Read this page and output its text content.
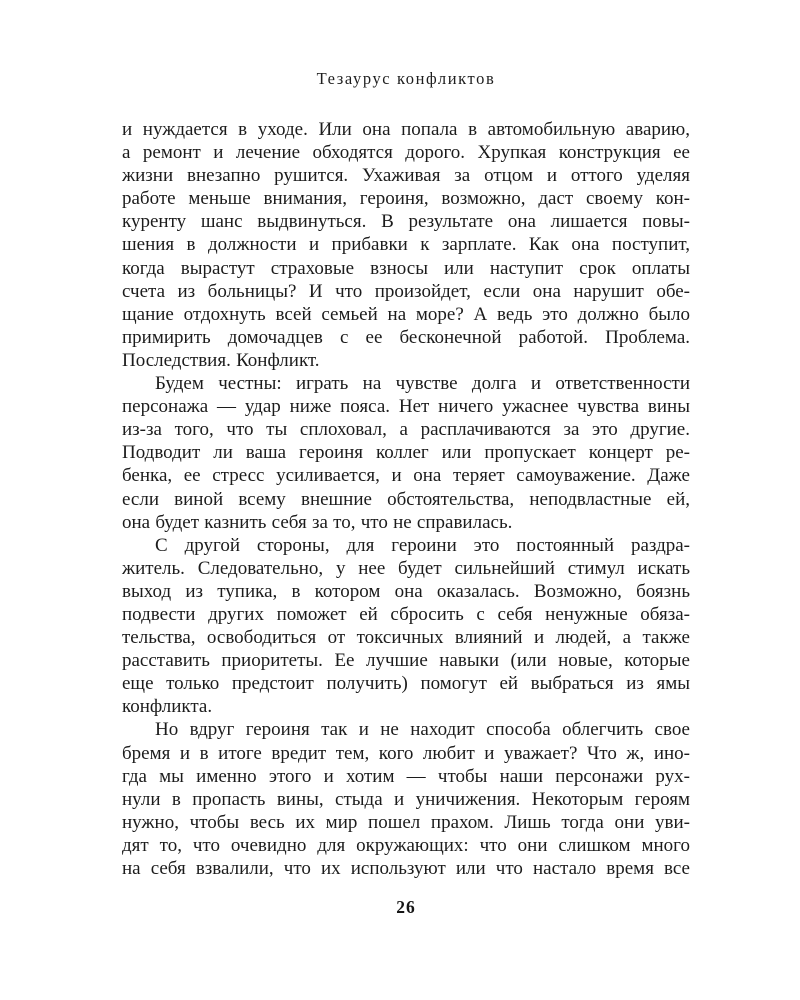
Тезаурус конфликтов
и нуждается в уходе. Или она попала в автомобильную аварию,
а ремонт и лечение обходятся дорого. Хрупкая конструкция ее
жизни внезапно рушится. Ухаживая за отцом и оттого уделяя
работе меньше внимания, героиня, возможно, даст своему кон-
куренту шанс выдвинуться. В результате она лишается повы-
шения в должности и прибавки к зарплате. Как она поступит,
когда вырастут страховые взносы или наступит срок оплаты
счета из больницы? И что произойдет, если она нарушит обе-
щание отдохнуть всей семьей на море? А ведь это должно было
примирить домочадцев с ее бесконечной работой. Проблема.
Последствия. Конфликт.
Будем честны: играть на чувстве долга и ответственности
персонажа — удар ниже пояса. Нет ничего ужаснее чувства вины
из-за того, что ты сплоховал, а расплачиваются за это другие.
Подводит ли ваша героиня коллег или пропускает концерт ре-
бенка, ее стресс усиливается, и она теряет самоуважение. Даже
если виной всему внешние обстоятельства, неподвластные ей,
она будет казнить себя за то, что не справилась.
С другой стороны, для героини это постоянный раздра-
житель. Следовательно, у нее будет сильнейший стимул искать
выход из тупика, в котором она оказалась. Возможно, боязнь
подвести других поможет ей сбросить с себя ненужные обяза-
тельства, освободиться от токсичных влияний и людей, а также
расставить приоритеты. Ее лучшие навыки (или новые, которые
еще только предстоит получить) помогут ей выбраться из ямы
конфликта.
Но вдруг героиня так и не находит способа облегчить свое
бремя и в итоге вредит тем, кого любит и уважает? Что ж, ино-
гда мы именно этого и хотим — чтобы наши персонажи рух-
нули в пропасть вины, стыда и уничижения. Некоторым героям
нужно, чтобы весь их мир пошел прахом. Лишь тогда они уви-
дят то, что очевидно для окружающих: что они слишком много
на себя взвалили, что их используют или что настало время все
26
